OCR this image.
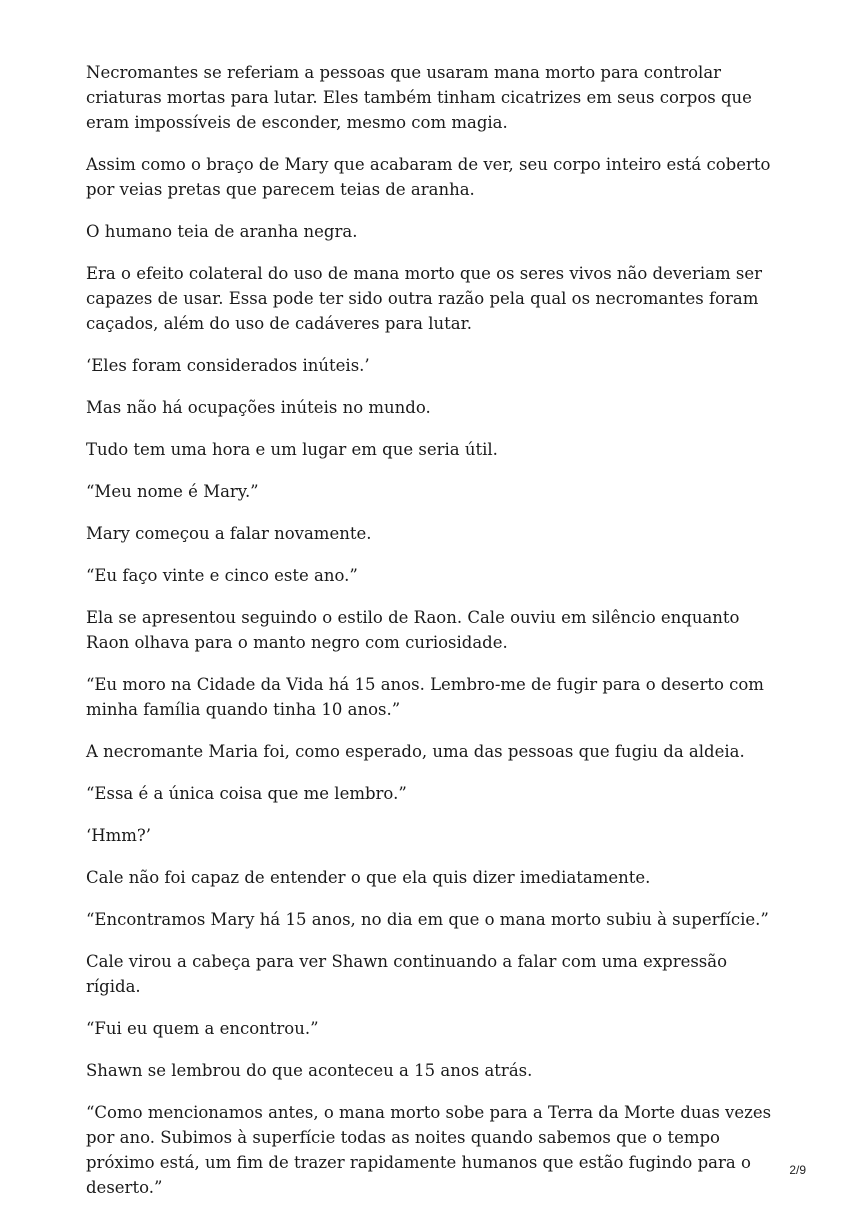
Necromantes se referiam a pessoas que usaram mana morto para controlar criaturas mortas para lutar. Eles também tinham cicatrizes em seus corpos que eram impossíveis de esconder, mesmo com magia.

Assim como o braço de Mary que acabaram de ver, seu corpo inteiro está coberto por veias pretas que parecem teias de aranha.

O humano teia de aranha negra.

Era o efeito colateral do uso de mana morto que os seres vivos não deveriam ser capazes de usar. Essa pode ter sido outra razão pela qual os necromantes foram caçados, além do uso de cadáveres para lutar.

‘Eles foram considerados inúteis.’

Mas não há ocupações inúteis no mundo.

Tudo tem uma hora e um lugar em que seria útil.

“Meu nome é Mary.”

Mary começou a falar novamente.

“Eu faço vinte e cinco este ano.”

Ela se apresentou seguindo o estilo de Raon. Cale ouviu em silêncio enquanto Raon olhava para o manto negro com curiosidade.

“Eu moro na Cidade da Vida há 15 anos. Lembro-me de fugir para o deserto com minha família quando tinha 10 anos.”

A necromante Maria foi, como esperado, uma das pessoas que fugiu da aldeia.

“Essa é a única coisa que me lembro.”

‘Hmm?’

Cale não foi capaz de entender o que ela quis dizer imediatamente.

“Encontramos Mary há 15 anos, no dia em que o mana morto subiu à superfície.”

Cale virou a cabeça para ver Shawn continuando a falar com uma expressão rígida.

“Fui eu quem a encontrou.”

Shawn se lembrou do que aconteceu a 15 anos atrás.

“Como mencionamos antes, o mana morto sobe para a Terra da Morte duas vezes por ano. Subimos à superfície todas as noites quando sabemos que o tempo próximo está, um fim de trazer rapidamente humanos que estão fugindo para o deserto.”

2/9
